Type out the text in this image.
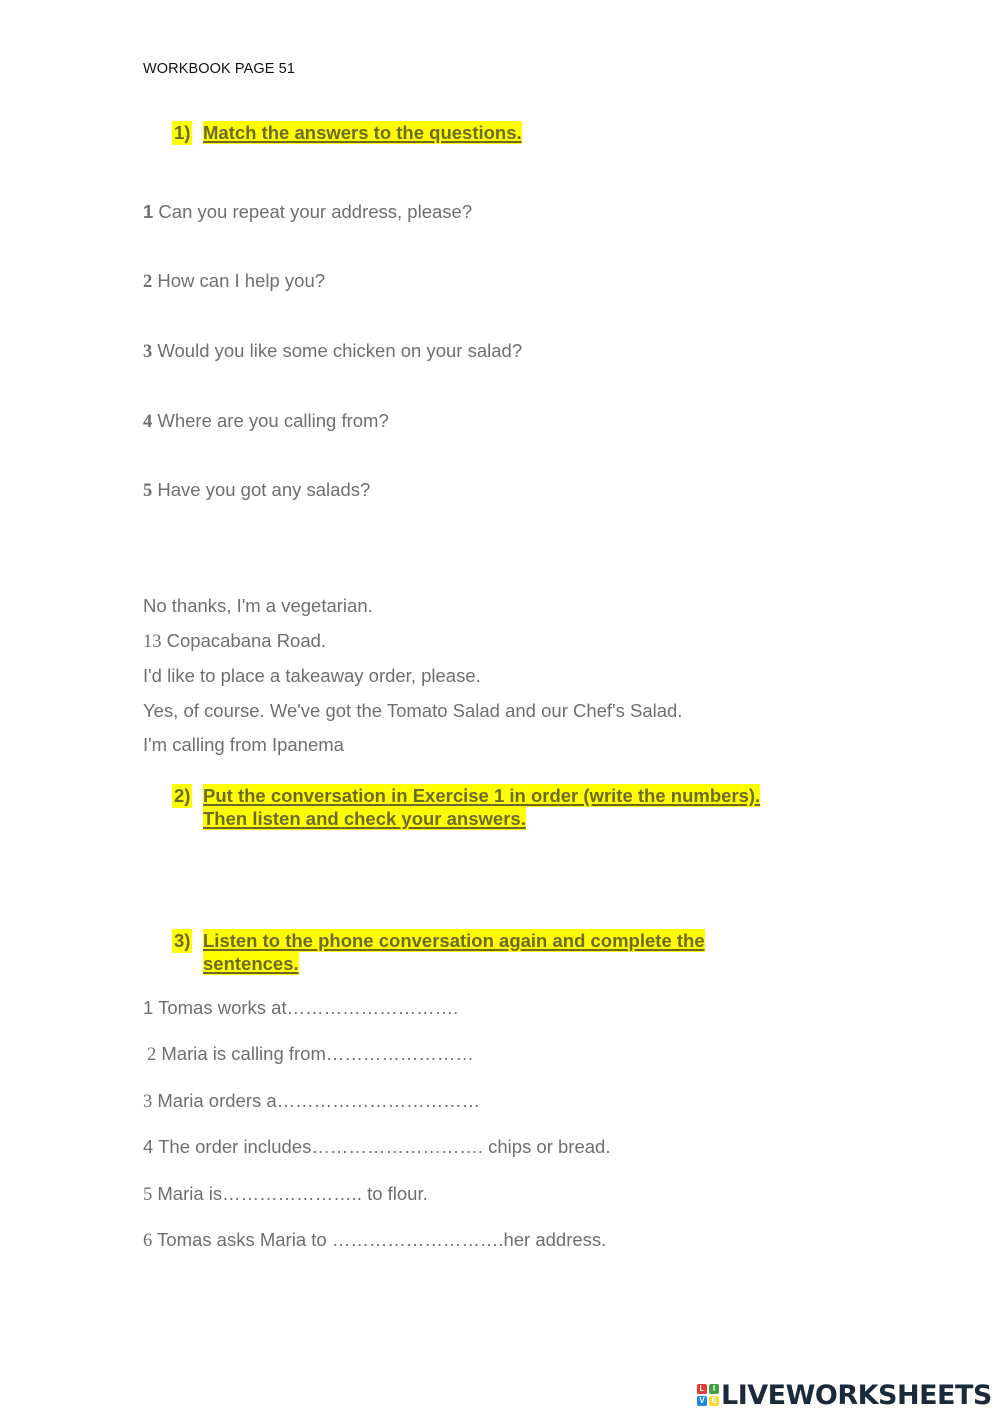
WORKBOOK PAGE 51
1) Match the answers to the questions.
1 Can you repeat your address, please?
2 How can I help you?
3 Would you like some chicken on your salad?
4 Where are you calling from?
5 Have you got any salads?
No thanks, I'm a vegetarian.
13 Copacabana Road.
I'd like to place a takeaway order, please.
Yes, of course. We've got the Tomato Salad and our Chef's Salad.
I'm calling from Ipanema
2) Put the conversation in Exercise 1 in order (write the numbers).
Then listen and check your answers.
3) Listen to the phone conversation again and complete the
sentences.
1 Tomas works at……………………….
2 Maria is calling from……………………
3 Maria orders a……………………………
4 The order includes………………………. chips or bread.
5 Maria is………………….. to flour.
6 Tomas asks Maria to ……………………….her address.
L	I
V E LIVEWORKSHEETS
